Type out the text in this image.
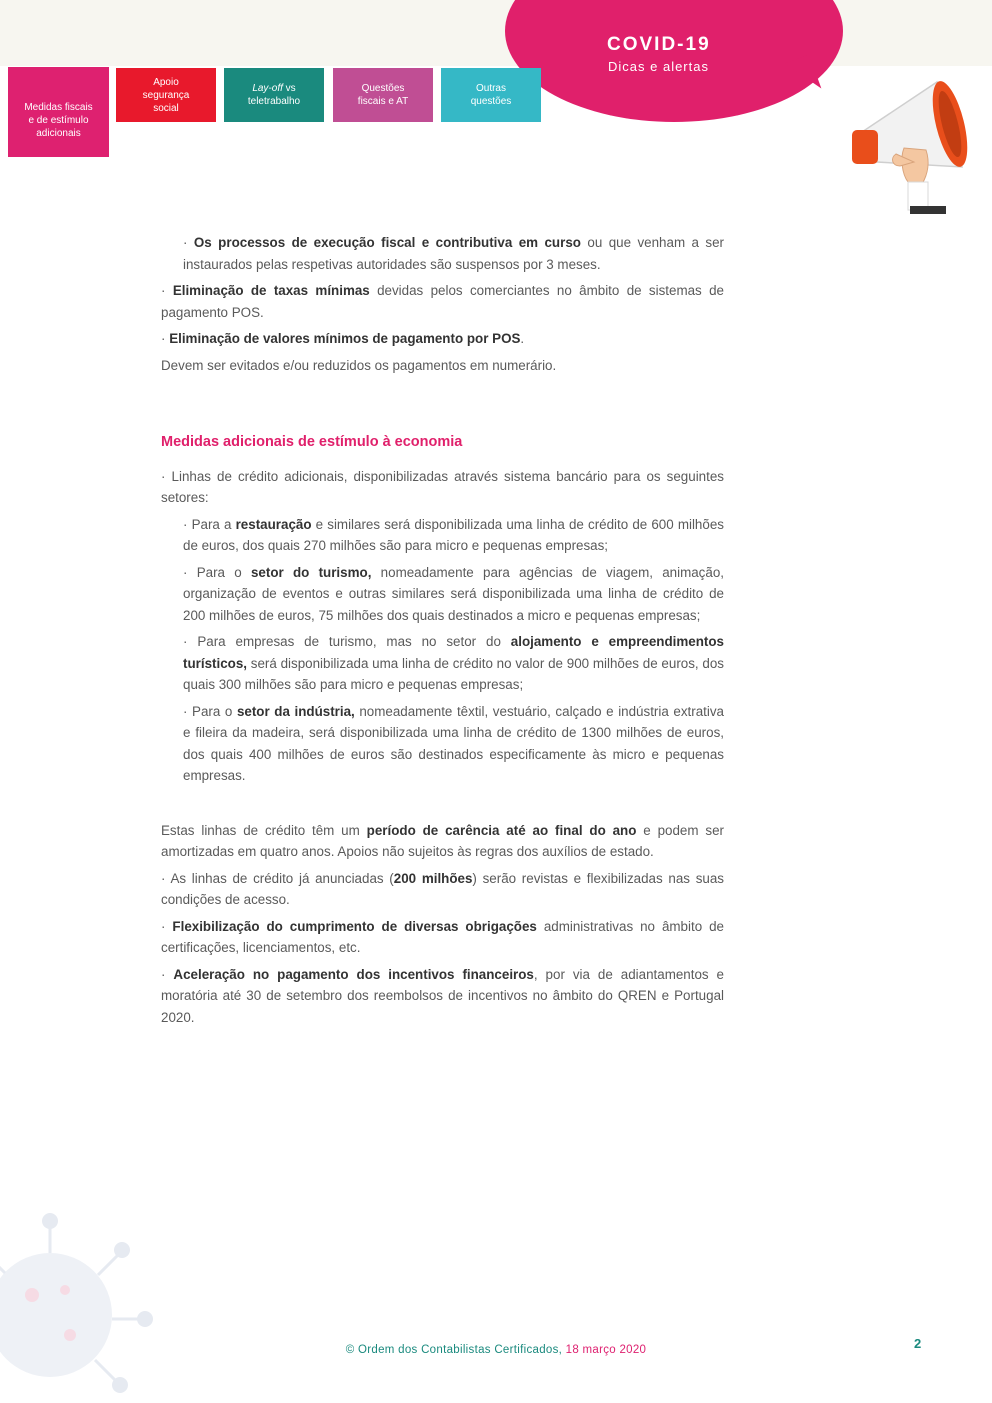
COVID-19
Dicas e alertas
Medidas fiscais
e de estímulo
adicionais
Apoio
segurança
social
Lay-off vs
teletrabalho
Questões
fiscais e AT
Outras
questões

· Os processos de execução fiscal e contributiva em curso ou que venham a ser instaurados pelas respetivas autoridades são suspensos por 3 meses.

· Eliminação de taxas mínimas devidas pelos comerciantes no âmbito de sistemas de pagamento POS.

· Eliminação de valores mínimos de pagamento por POS.

Devem ser evitados e/ou reduzidos os pagamentos em numerário.

Medidas adicionais de estímulo à economia

· Linhas de crédito adicionais, disponibilizadas através sistema bancário para os seguintes setores:

· Para a restauração e similares será disponibilizada uma linha de crédito de 600 milhões de euros, dos quais 270 milhões são para micro e pequenas empresas;

· Para o setor do turismo, nomeadamente para agências de viagem, animação, organização de eventos e outras similares será disponibilizada uma linha de crédito de 200 milhões de euros, 75 milhões dos quais destinados a micro e pequenas empresas;

· Para empresas de turismo, mas no setor do alojamento e empreendimentos turísticos, será disponibilizada uma linha de crédito no valor de 900 milhões de euros, dos quais 300 milhões são para micro e pequenas empresas;

· Para o setor da indústria, nomeadamente têxtil, vestuário, calçado e indústria extrativa e fileira da madeira, será disponibilizada uma linha de crédito de 1300 milhões de euros, dos quais 400 milhões de euros são destinados especificamente às micro e pequenas empresas.

Estas linhas de crédito têm um período de carência até ao final do ano e podem ser amortizadas em quatro anos. Apoios não sujeitos às regras dos auxílios de estado.

· As linhas de crédito já anunciadas (200 milhões) serão revistas e flexibilizadas nas suas condições de acesso.

· Flexibilização do cumprimento de diversas obrigações administrativas no âmbito de certificações, licenciamentos, etc.

· Aceleração no pagamento dos incentivos financeiros, por via de adiantamentos e moratória até 30 de setembro dos reembolsos de incentivos no âmbito do QREN e Portugal 2020.

© Ordem dos Contabilistas Certificados, 18 março 2020	2
